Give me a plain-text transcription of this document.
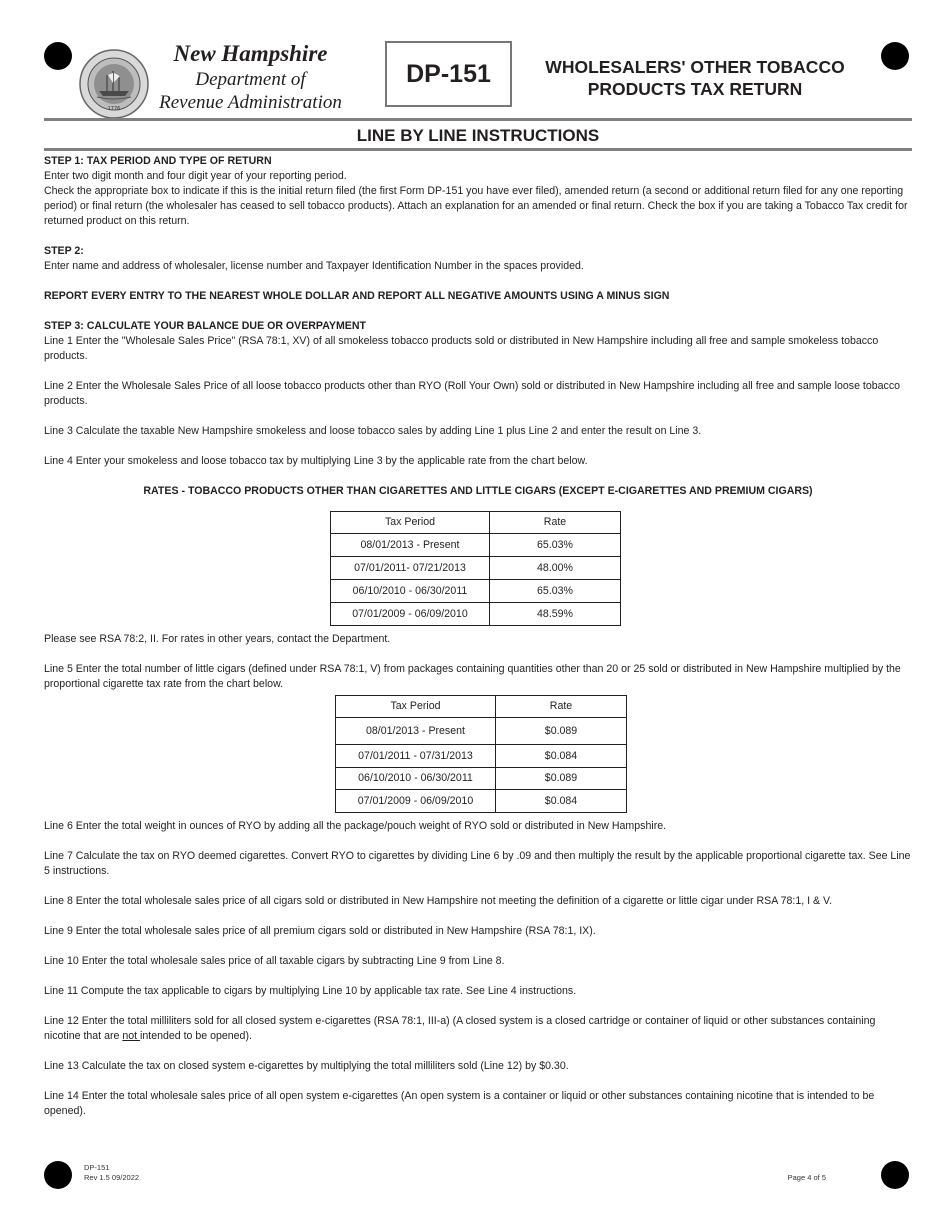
1776
New Hampshire
Department of
Revenue Administration
DP-151	WHOLESALERS' OTHER TOBACCO
PRODUCTS TAX RETURN
LINE BY LINE INSTRUCTIONS

STEP 1: TAX PERIOD AND TYPE OF RETURN

Enter two digit month and four digit year of your reporting period.

Check the appropriate box to indicate if this is the initial return filed (the first Form DP-151 you have ever filed), amended return (a second or additional return filed for any one reporting period) or final return (the wholesaler has ceased to sell tobacco products). Attach an explanation for an amended or final return. Check the box if you are taking a Tobacco Tax credit for returned product on this return.

STEP 2:

Enter name and address of wholesaler, license number and Taxpayer Identification Number in the spaces provided.

REPORT EVERY ENTRY TO THE NEAREST WHOLE DOLLAR AND REPORT ALL NEGATIVE AMOUNTS USING A MINUS SIGN

STEP 3: CALCULATE YOUR BALANCE DUE OR OVERPAYMENT

Line 1 Enter the "Wholesale Sales Price" (RSA 78:1, XV) of all smokeless tobacco products sold or distributed in New Hampshire including all free and sample smokeless tobacco products.

Line 2 Enter the Wholesale Sales Price of all loose tobacco products other than RYO (Roll Your Own) sold or distributed in New Hampshire including all free and sample loose tobacco products.

Line 3 Calculate the taxable New Hampshire smokeless and loose tobacco sales by adding Line 1 plus Line 2 and enter the result on Line 3.

Line 4 Enter your smokeless and loose tobacco tax by multiplying Line 3 by the applicable rate from the chart below.

RATES - TOBACCO PRODUCTS OTHER THAN CIGARETTES AND LITTLE CIGARS (EXCEPT E-CIGARETTES AND PREMIUM CIGARS)

Tax Period	Rate
08/01/2013 - Present	65.03%
07/01/2011- 07/21/2013	48.00%
06/10/2010 - 06/30/2011	65.03%
07/01/2009 - 06/09/2010	48.59%

Please see RSA 78:2, II. For rates in other years, contact the Department.

Line 5 Enter the total number of little cigars (defined under RSA 78:1, V) from packages containing quantities other than 20 or 25 sold or distributed in New Hampshire multiplied by the proportional cigarette tax rate from the chart below.

Tax Period	Rate
08/01/2013 - Present	$0.089
07/01/2011 - 07/31/2013	$0.084
06/10/2010 - 06/30/2011	$0.089
07/01/2009 - 06/09/2010	$0.084

Line 6 Enter the total weight in ounces of RYO by adding all the package/pouch weight of RYO sold or distributed in New Hampshire.

Line 7 Calculate the tax on RYO deemed cigarettes. Convert RYO to cigarettes by dividing Line 6 by .09 and then multiply the result by the applicable proportional cigarette tax. See Line 5 instructions.

Line 8 Enter the total wholesale sales price of all cigars sold or distributed in New Hampshire not meeting the definition of a cigarette or little cigar under RSA 78:1, I & V.

Line 9 Enter the total wholesale sales price of all premium cigars sold or distributed in New Hampshire (RSA 78:1, IX).

Line 10 Enter the total wholesale sales price of all taxable cigars by subtracting Line 9 from Line 8.

Line 11 Compute the tax applicable to cigars by multiplying Line 10 by applicable tax rate. See Line 4 instructions.

Line 12 Enter the total milliliters sold for all closed system e-cigarettes (RSA 78:1, III-a) (A closed system is a closed cartridge or container of liquid or other substances containing nicotine that are not intended to be opened).

Line 13 Calculate the tax on closed system e-cigarettes by multiplying the total milliliters sold (Line 12) by $0.30.

Line 14 Enter the total wholesale sales price of all open system e-cigarettes (An open system is a container or liquid or other substances containing nicotine that is intended to be opened).

DP-151
Rev 1.5 09/2022	Page 4 of 5
